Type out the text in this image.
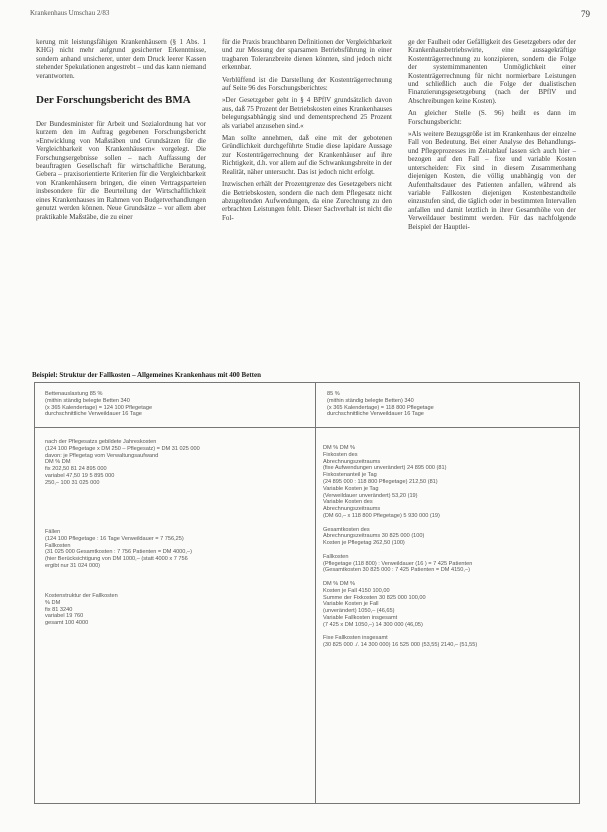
Krankenhaus Umschau 2/83	79

kerung mit leistungsfähigen Krankenhäusern (§ 1 Abs. 1 KHG) nicht mehr aufgrund gesicherter Erkenntnisse, sondern anhand unsicherer, unter dem Druck leerer Kassen stehender Spekulationen angestrebt – und das kann niemand verantworten.

Der Forschungsbericht des BMA

Der Bundesminister für Arbeit und Sozialordnung hat vor kurzem den im Auftrag gegebenen Forschungsbericht »Entwicklung von Maßstäben und Grundsätzen für die Vergleichbarkeit von Krankenhäusern« vorgelegt. Die Forschungsergebnisse sollen – nach Auffassung der beauftragten Gesellschaft für wirtschaftliche Beratung, Gebera – praxisorientierte Kriterien für die Vergleichbarkeit von Krankenhäusern bringen, die einen Vertragsparteien insbesondere für die Beurteilung der Wirtschaftlichkeit eines Krankenhauses im Rahmen von Budgetverhandlungen genutzt werden können. Neue Grundsätze – vor allem aber praktikable Maßstäbe, die zu einer

für die Praxis brauchbaren Definitionen der Vergleichbarkeit und zur Messung der sparsamen Betriebsführung in einer tragbaren Toleranzbreite dienen könnten, sind jedoch nicht erkennbar.

Verblüffend ist die Darstellung der Kostenträgerrechnung auf Seite 96 des Forschungsberichtes:

»Der Gesetzgeber geht in § 4 BPflV grundsätzlich davon aus, daß 75 Prozent der Betriebskosten eines Krankenhauses belegungsabhängig sind und dementsprechend 25 Prozent als variabel anzusehen sind.«

Man sollte annehmen, daß eine mit der gebotenen Gründlichkeit durchgeführte Studie diese lapidare Aussage zur Kostenträgerrechnung der Krankenhäuser auf ihre Richtigkeit, d.h. vor allem auf die Schwankungsbreite in der Realität, näher untersucht. Das ist jedoch nicht erfolgt.

Inzwischen erhält der Prozentgrenze des Gesetzgebers nicht die Betriebskosten, sondern die nach dem Pflegesatz nicht abzugeltenden Aufwendungen, da eine Zurechnung zu den erbrachten Leistungen fehlt. Dieser Sachverhalt ist nicht die Fol-

ge der Faulheit oder Gefälligkeit des Gesetzgebers oder der Krankenhausbetriebswirte, eine aussagekräftige Kostenträgerrechnung zu konzipieren, sondern die Folge der systemimmanenten Unmöglichkeit einer Kostenträgerrechnung für nicht normierbare Leistungen und schließlich auch die Folge der dualistischen Finanzierungsgesetzgebung (nach der BPflV und Abschreibungen keine Kosten).

An gleicher Stelle (S. 96) heißt es dann im Forschungsbericht:

»Als weitere Bezugsgröße ist im Krankenhaus der einzelne Fall von Bedeutung. Bei einer Analyse des Behandlungs- und Pflegeprozesses im Zeitablauf lassen sich auch hier – bezogen auf den Fall – fixe und variable Kosten unterscheiden: Fix sind in diesem Zusammenhang diejenigen Kosten, die völlig unabhängig von der Aufenthaltsdauer des Patienten anfallen, während als variable Fallkosten diejenigen Kostenbestandteile einzustufen sind, die täglich oder in bestimmten Intervallen anfallen und damit letztlich in ihrer Gesamthöhe von der Verweildauer bestimmt werden. Für das nachfolgende Beispiel der Hauptlei-

Beispiel: Struktur der Fallkosten – Allgemeines Krankenhaus mit 400 Betten
Bettenauslastung 85 %
(mithin ständig belegte Betten 340
(x 365 Kalendertage) = 124 100 Pflegetage
durchschnittliche Verweildauer 16 Tage
85 %
(mithin ständig belegte Betten) 340
(x 365 Kalendertage) = 118 800 Pflegetage
durchschnittliche Verweildauer 16 Tage
nach der Pflegesatzs gebildete Jahreskosten
(124 100 Pflegetage x DM 250 – Pflegesatz) = DM 31 025 000
davon: je Pflegetag vom Verwaltungsaufwand
DM % DM
fix 202,50 81 24 895 000
variabel 47,50 19 5 895 000
250,– 100 31 025 000
Fällen
(124 100 Pflegetage : 16 Tage Verweildauer = 7 756,25)
Fallkosten
(31 025 000 Gesamtkosten : 7 756 Patienten = DM 4000,–)
(hier Berücksichtigung von DM 1000,– (statt 4000 x 7 756
ergibt nur 31 024 000)
Kostenstruktur der Fallkosten
% DM
fix 81 3240
variabel 19 760
gesamt 100 4000
DM % DM %
Fixkosten des
Abrechnungszeitraums
(fixe Aufwendungen unverändert) 24 895 000 (81)
Fixkostenanteil je Tag
(24 895 000 : 118 800 Pflegetage) 212,50 (81)
Variable Kosten je Tag
(Verweildauer unverändert) 53,20 (19)
Variable Kosten des
Abrechnungszeitraums
(DM 60,– x 118 800 Pflegetage) 5 930 000 (19)
Gesamtkosten des
Abrechnungszeitraums 30 825 000 (100)
Kosten je Pflegetag 262,50 (100)
Fallkosten
(Pflegetage (118 800) : Verweildauer (16 ) = 7 425 Patienten
(Gesamtkosten 30 825 000 : 7 425 Patienten = DM 4150,–)
DM % DM %
Kosten je Fall 4150 100,00
Summe der Fixkosten 30 825 000 100,00
Variable Kosten je Fall
(unverändert) 1050,– (46,65)
Variable Fallkosten insgesamt
(7 425 x DM 1050,–) 14 300 000 (46,05)
Fixe Fallkosten insgesamt
(30 825 000 ./. 14 300 000) 16 525 000 (53,55) 2140,– (51,55)
